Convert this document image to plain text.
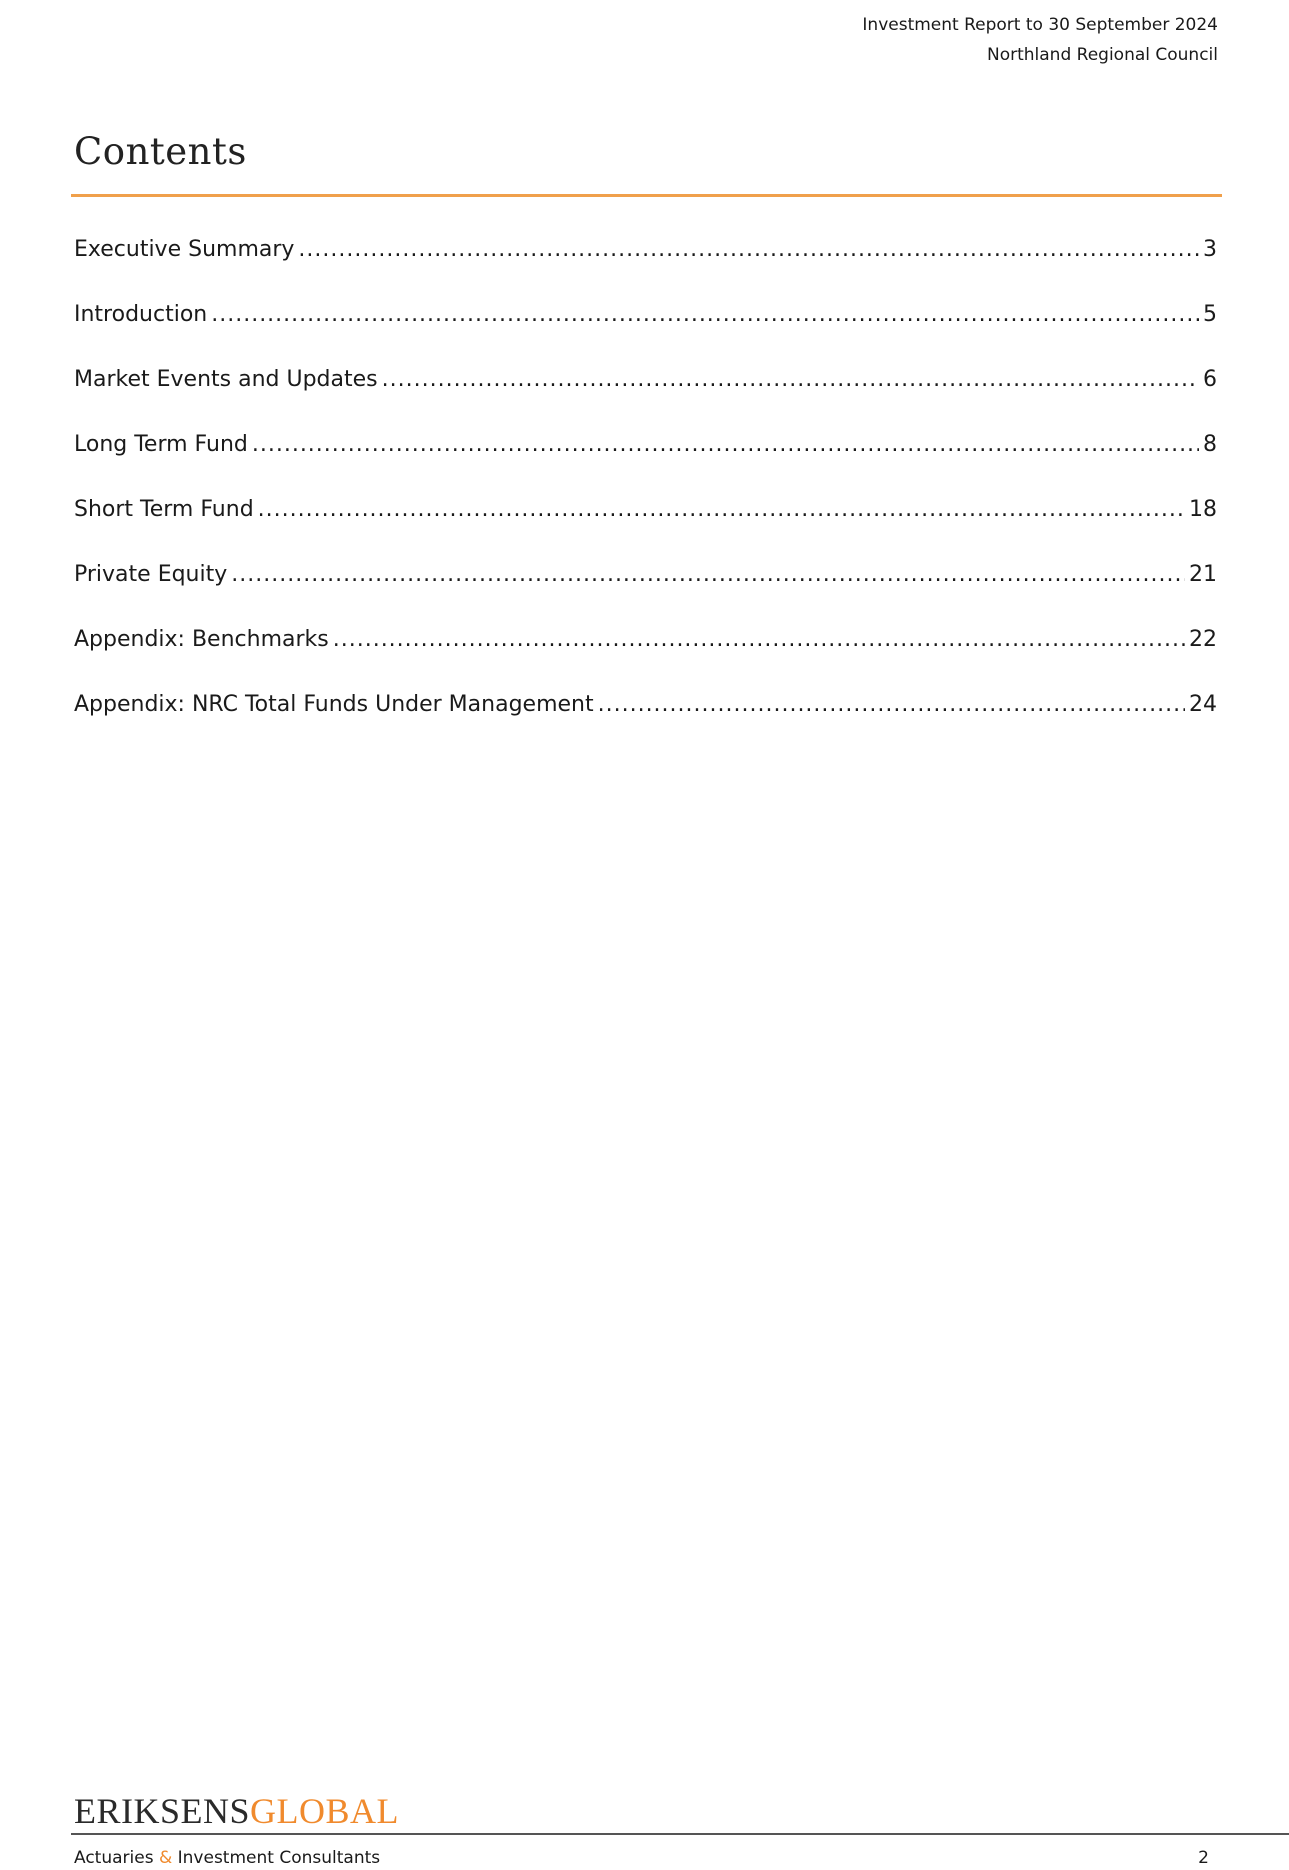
Investment Report to 30 September 2024
Northland Regional Council
Contents
Executive Summary .....	3
Introduction .....	5
Market Events and Updates .....	6
Long Term Fund .....	8
Short Term Fund .....	18
Private Equity .....	21
Appendix: Benchmarks .....	22
Appendix: NRC Total Funds Under Management .....	24
ERIKSENSGLOBAL
Actuaries & Investment Consultants	2
